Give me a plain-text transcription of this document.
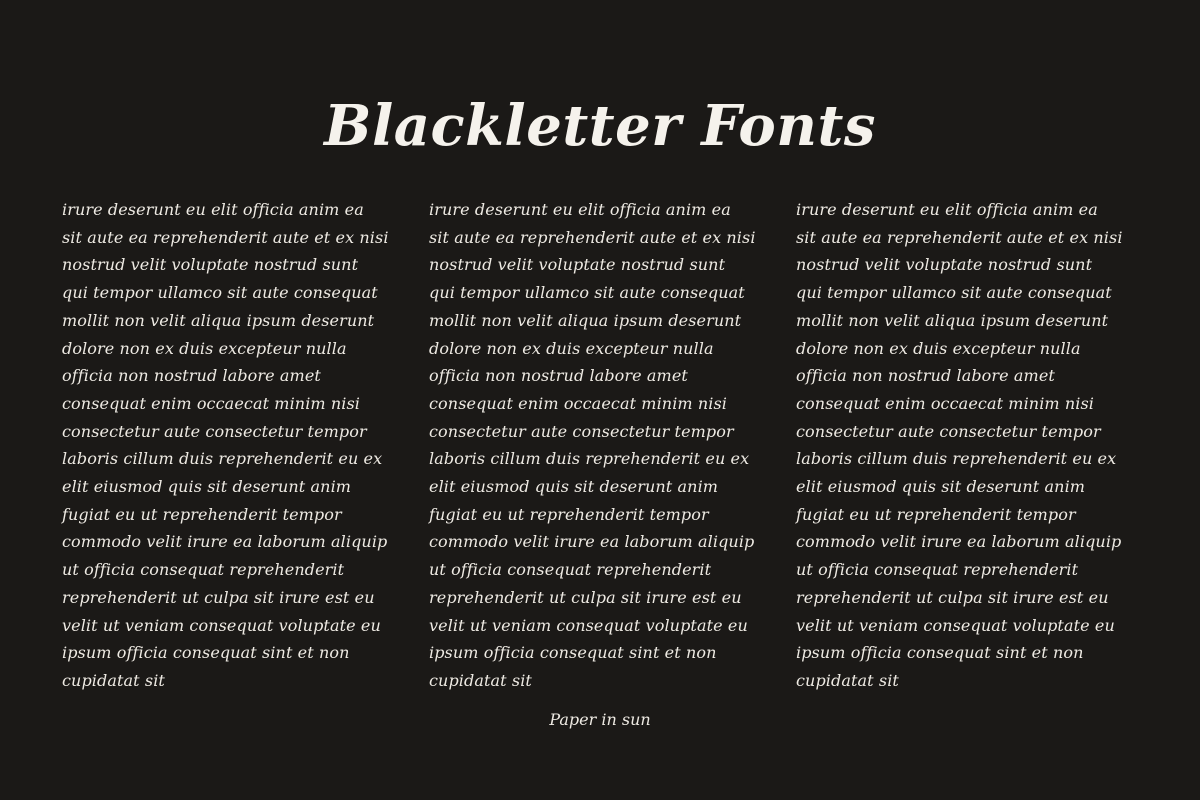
Blackletter Fonts
irure deserunt eu elit officia anim ea
sit aute ea reprehenderit aute et ex nisi
nostrud velit voluptate nostrud sunt
qui tempor ullamco sit aute consequat
mollit non velit aliqua ipsum deserunt
dolore non ex duis excepteur nulla
officia non nostrud labore amet
consequat enim occaecat minim nisi
consectetur aute consectetur tempor
laboris cillum duis reprehenderit eu ex
elit eiusmod quis sit deserunt anim
fugiat eu ut reprehenderit tempor
commodo velit irure ea laborum aliquip
ut officia consequat reprehenderit
reprehenderit ut culpa sit irure est eu
velit ut veniam consequat voluptate eu
ipsum officia consequat sint et non
cupidatat sit
irure deserunt eu elit officia anim ea
sit aute ea reprehenderit aute et ex nisi
nostrud velit voluptate nostrud sunt
qui tempor ullamco sit aute consequat
mollit non velit aliqua ipsum deserunt
dolore non ex duis excepteur nulla
officia non nostrud labore amet
consequat enim occaecat minim nisi
consectetur aute consectetur tempor
laboris cillum duis reprehenderit eu ex
elit eiusmod quis sit deserunt anim
fugiat eu ut reprehenderit tempor
commodo velit irure ea laborum aliquip
ut officia consequat reprehenderit
reprehenderit ut culpa sit irure est eu
velit ut veniam consequat voluptate eu
ipsum officia consequat sint et non
cupidatat sit
irure deserunt eu elit officia anim ea
sit aute ea reprehenderit aute et ex nisi
nostrud velit voluptate nostrud sunt
qui tempor ullamco sit aute consequat
mollit non velit aliqua ipsum deserunt
dolore non ex duis excepteur nulla
officia non nostrud labore amet
consequat enim occaecat minim nisi
consectetur aute consectetur tempor
laboris cillum duis reprehenderit eu ex
elit eiusmod quis sit deserunt anim
fugiat eu ut reprehenderit tempor
commodo velit irure ea laborum aliquip
ut officia consequat reprehenderit
reprehenderit ut culpa sit irure est eu
velit ut veniam consequat voluptate eu
ipsum officia consequat sint et non
cupidatat sit
Paper in sun
